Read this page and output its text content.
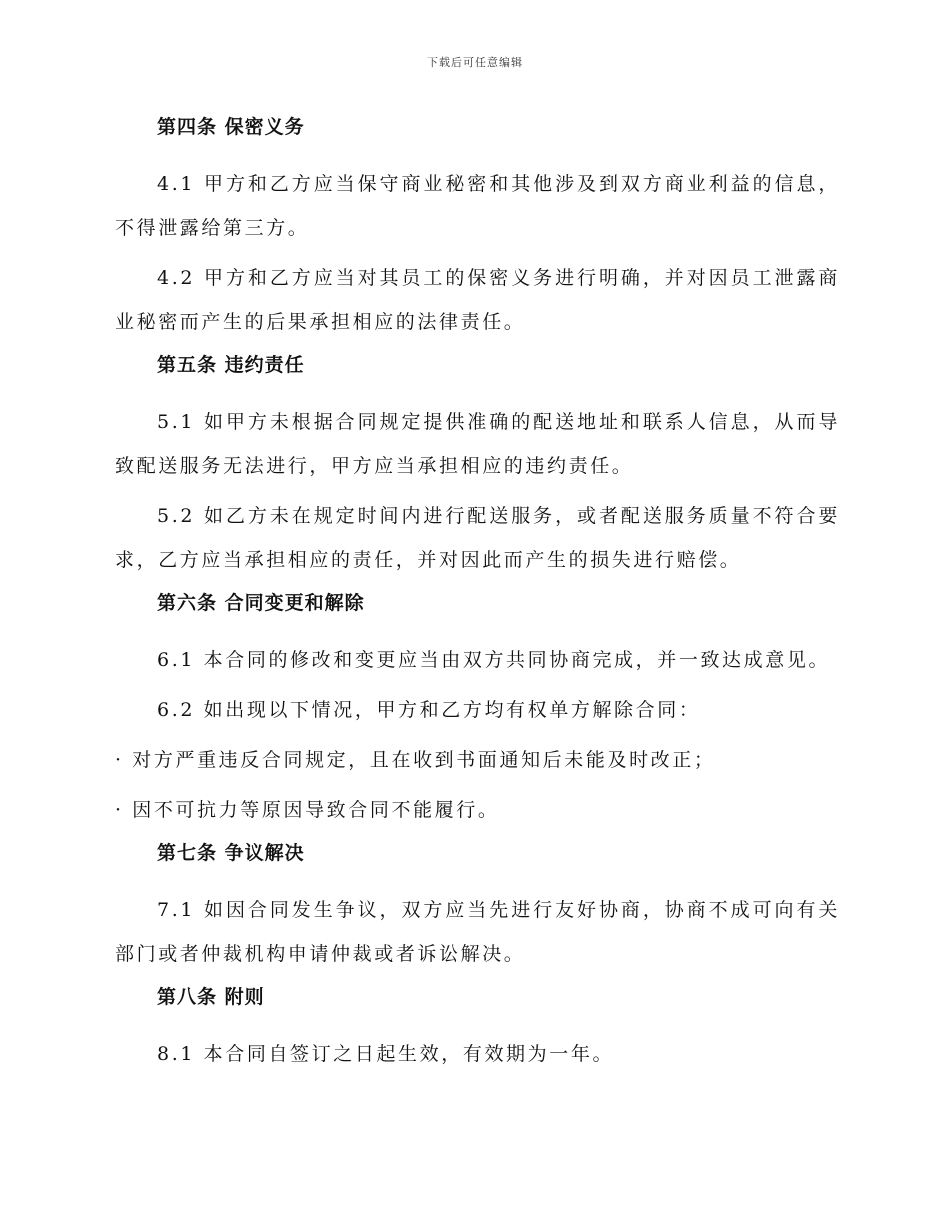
下载后可任意编辑
第四条 保密义务

4.1 甲方和乙方应当保守商业秘密和其他涉及到双方商业利益的信息，不得泄露给第三方。

4.2 甲方和乙方应当对其员工的保密义务进行明确，并对因员工泄露商业秘密而产生的后果承担相应的法律责任。

第五条 违约责任

5.1 如甲方未根据合同规定提供准确的配送地址和联系人信息，从而导致配送服务无法进行，甲方应当承担相应的违约责任。

5.2 如乙方未在规定时间内进行配送服务，或者配送服务质量不符合要求，乙方应当承担相应的责任，并对因此而产生的损失进行赔偿。

第六条 合同变更和解除

6.1 本合同的修改和变更应当由双方共同协商完成，并一致达成意见。

6.2 如出现以下情况，甲方和乙方均有权单方解除合同：

· 对方严重违反合同规定，且在收到书面通知后未能及时改正；

· 因不可抗力等原因导致合同不能履行。

第七条 争议解决

7.1 如因合同发生争议，双方应当先进行友好协商，协商不成可向有关部门或者仲裁机构申请仲裁或者诉讼解决。

第八条 附则

8.1 本合同自签订之日起生效，有效期为一年。
